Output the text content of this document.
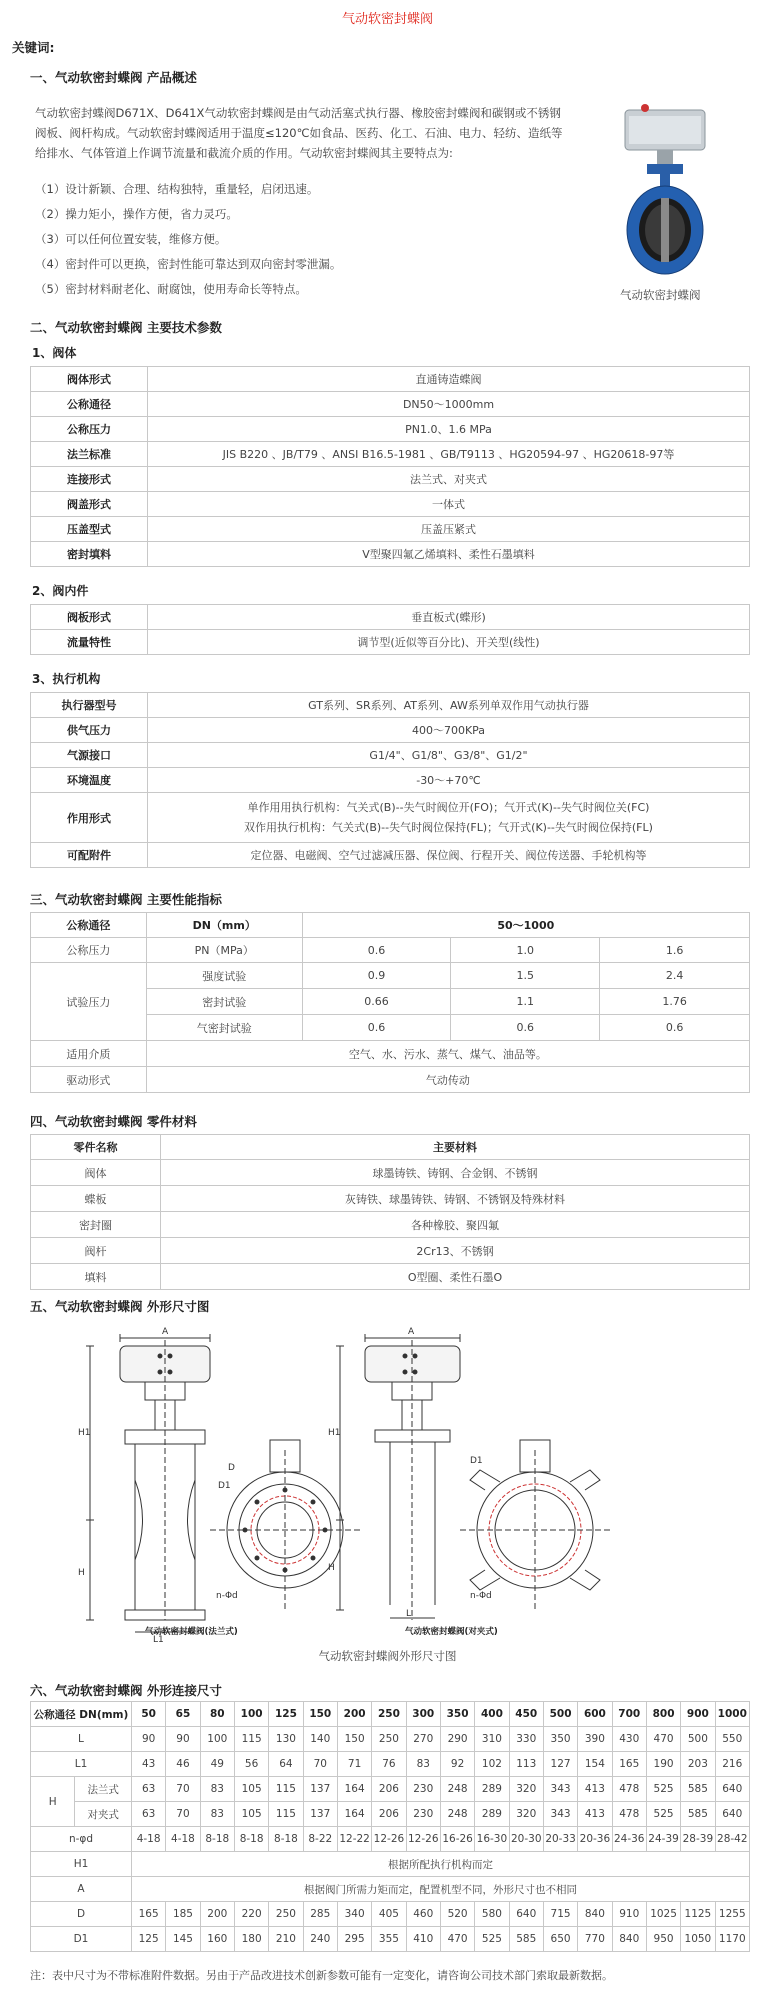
气动软密封蝶阀
关键词:
一、气动软密封蝶阀 产品概述
气动软密封蝶阀D671X、D641X气动软密封蝶阀是由气动活塞式执行器、橡胶密封蝶阀和碳钢或不锈钢阀板、阀杆构成。气动软密封蝶阀适用于温度≤120℃如食品、医药、化工、石油、电力、轻纺、造纸等给排水、气体管道上作调节流量和截流介质的作用。气动软密封蝶阀其主要特点为:
（1）设计新颖、合理、结构独特，重量轻，启闭迅速。
（2）操力矩小，操作方便，省力灵巧。
（3）可以任何位置安装，维修方便。
（4）密封件可以更换，密封性能可靠达到双向密封零泄漏。
（5）密封材料耐老化、耐腐蚀，使用寿命长等特点。	气动软密封蝶阀
二、气动软密封蝶阀 主要技术参数
1、阀体
阀体形式	直通铸造蝶阀
公称通径	DN50～1000mm
公称压力	PN1.0、1.6 MPa
法兰标准	JIS B220 、JB/T79 、ANSI B16.5-1981 、GB/T9113 、HG20594-97 、HG20618-97等
连接形式	法兰式、对夹式
阀盖形式	一体式
压盖型式	压盖压紧式
密封填料	V型聚四氟乙烯填料、柔性石墨填料
2、阀内件
阀板形式	垂直板式(蝶形)
流量特性	调节型(近似等百分比)、开关型(线性)
3、执行机构
执行器型号	GT系列、SR系列、AT系列、AW系列单双作用气动执行器
供气压力	400～700KPa
气源接口	G1/4"、G1/8"、G3/8"、G1/2"
环境温度	-30～+70℃
作用形式	单作用用执行机构：气关式(B)--失气时阀位开(FO)；气开式(K)--失气时阀位关(FC)
双作用执行机构：气关式(B)--失气时阀位保持(FL)；气开式(K)--失气时阀位保持(FL)

可配附件	定位器、电磁阀、空气过滤减压器、保位阀、行程开关、阀位传送器、手轮机构等
三、气动软密封蝶阀 主要性能指标
公称通径	DN（mm）	50～1000		
公称压力	PN（MPa）	0.6	1.0	1.6
试验压力	强度试验	0.9	1.5	2.4
	密封试验	0.66	1.1	1.76
	气密封试验	0.6	0.6	0.6
适用介质	空气、水、污水、蒸气、煤气、油品等。			
驱动形式	气动传动			
四、气动软密封蝶阀 零件材料
零件名称	主要材料
阀体	球墨铸铁、铸钢、合金钢、不锈钢
蝶板	灰铸铁、球墨铸铁、铸钢、不锈钢及特殊材料
密封圈	各种橡胶、聚四氟
阀杆	2Cr13、不锈钢
填料	O型圈、柔性石墨O
五、气动软密封蝶阀 外形尺寸图
A
H1
H
L1
D
D1
n-Φd
气动软密封蝶阀(法兰式)
A
H1
H
L
D1
n-Φd
气动软密封蝶阀(对夹式)
气动软密封蝶阀外形尺寸图
六、气动软密封蝶阀 外形连接尺寸
公称通径 DN(mm)		50	65	80	100	125	150	200	250	300	350	400	450	500	600	700	800	900	1000
L		90	90	100	115	130	140	150	250	270	290	310	330	350	390	430	470	500	550
L1		43	46	49	56	64	70	71	76	83	92	102	113	127	154	165	190	203	216
H	法兰式	63	70	83	105	115	137	164	206	230	248	289	320	343	413	478	525	585	640
	对夹式	63	70	83	105	115	137	164	206	230	248	289	320	343	413	478	525	585	640
n-φd		4-18	4-18	8-18	8-18	8-18	8-22	12-22	12-26	12-26	16-26	16-30	20-30	20-33	20-36	24-36	24-39	28-39	28-42
H1		根据所配执行机构而定																	
A		根据阀门所需力矩而定，配置机型不同，外形尺寸也不相同																	
D		165	185	200	220	250	285	340	405	460	520	580	640	715	840	910	1025	1125	1255
D1		125	145	160	180	210	240	295	355	410	470	525	585	650	770	840	950	1050	1170
注：表中尺寸为不带标准附件数据。另由于产品改进技术创新参数可能有一定变化，请咨询公司技术部门索取最新数据。
